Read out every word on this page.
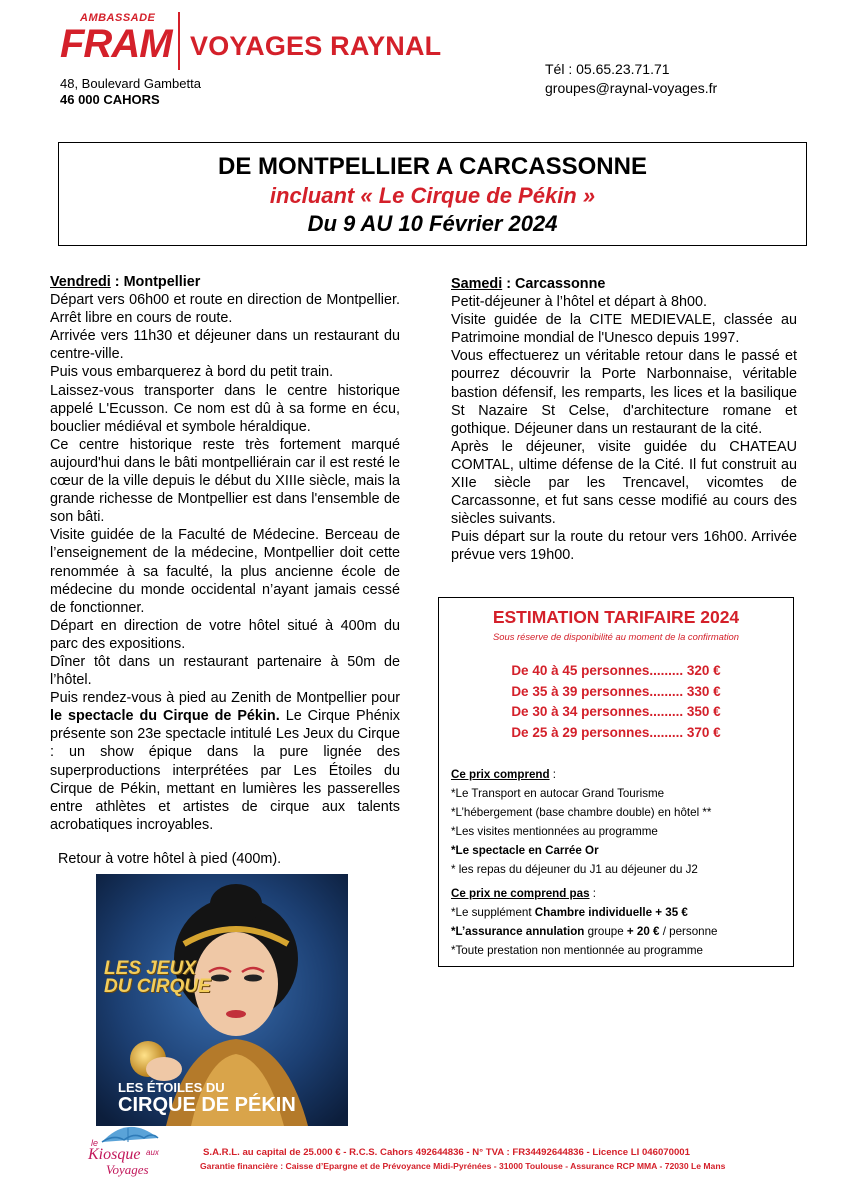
AMBASSADE
FRAM VOYAGES RAYNAL
48, Boulevard Gambetta
46 000 CAHORS
Tél : 05.65.23.71.71
groupes@raynal-voyages.fr
DE MONTPELLIER A CARCASSONNE
incluant « Le Cirque de Pékin »
Du 9 AU 10 Février 2024

Vendredi : Montpellier

Départ vers 06h00 et route en direction de Montpellier. Arrêt libre en cours de route.

Arrivée vers 11h30 et déjeuner dans un restaurant du centre-ville.

Puis vous embarquerez à bord du petit train.

Laissez-vous transporter dans le centre historique appelé L'Ecusson. Ce nom est dû à sa forme en écu, bouclier médiéval et symbole héraldique.

Ce centre historique reste très fortement marqué aujourd'hui dans le bâti montpelliérain car il est resté le cœur de la ville depuis le début du XIIIe siècle, mais la grande richesse de Montpellier est dans l'ensemble de son bâti.

Visite guidée de la Faculté de Médecine. Berceau de l’enseignement de la médecine, Montpellier doit cette renommée à sa faculté, la plus ancienne école de médecine du monde occidental n’ayant jamais cessé de fonctionner.

Départ en direction de votre hôtel situé à 400m du parc des expositions.

Dîner tôt dans un restaurant partenaire à 50m de l’hôtel.

Puis rendez-vous à pied au Zenith de Montpellier pour le spectacle du Cirque de Pékin. Le Cirque Phénix présente son 23e spectacle intitulé Les Jeux du Cirque : un show épique dans la pure lignée des superproductions interprétées par Les Étoiles du Cirque de Pékin, mettant en lumières les passerelles entre athlètes et artistes de cirque aux talents acrobatiques incroyables.

Retour à votre hôtel à pied (400m).
LES JEUX
DU CIRQUE
LES ÉTOILES DU
CIRQUE DE PÉKIN

Samedi : Carcassonne

Petit-déjeuner à l’hôtel et départ à 8h00.

Visite guidée de la CITE MEDIEVALE, classée au Patrimoine mondial de l'Unesco depuis 1997.

Vous effectuerez un véritable retour dans le passé et pourrez découvrir la Porte Narbonnaise, véritable bastion défensif, les remparts, les lices et la basilique St Nazaire St Celse, d'architecture romane et gothique. Déjeuner dans un restaurant de la cité.

Après le déjeuner, visite guidée du CHATEAU COMTAL, ultime défense de la Cité. Il fut construit au XIIe siècle par les Trencavel, vicomtes de Carcassonne, et fut sans cesse modifié au cours des siècles suivants.

Puis départ sur la route du retour vers 16h00. Arrivée prévue vers 19h00.

ESTIMATION TARIFAIRE 2024
Sous réserve de disponibilité au moment de la confirmation
De 40 à 45 personnes......... 320 €
De 35 à 39 personnes......... 330 €
De 30 à 34 personnes......... 350 €
De 25 à 29 personnes......... 370 €
Ce prix comprend :
*Le Transport en autocar Grand Tourisme
*L’hébergement (base chambre double) en hôtel **
*Les visites mentionnées au programme
*Le spectacle en Carrée Or
* les repas du déjeuner du J1 au déjeuner du J2
Ce prix ne comprend pas :
*Le supplément Chambre individuelle + 35 €
*L’assurance annulation groupe + 20 € / personne
*Toute prestation non mentionnée au programme
le
Kiosque aux
Voyages
S.A.R.L. au capital de 25.000 € - R.C.S. Cahors 492644836 - N° TVA : FR34492644836 - Licence LI 046070001
Garantie financière : Caisse d’Epargne et de Prévoyance Midi-Pyrénées - 31000 Toulouse - Assurance RCP MMA - 72030 Le Mans
